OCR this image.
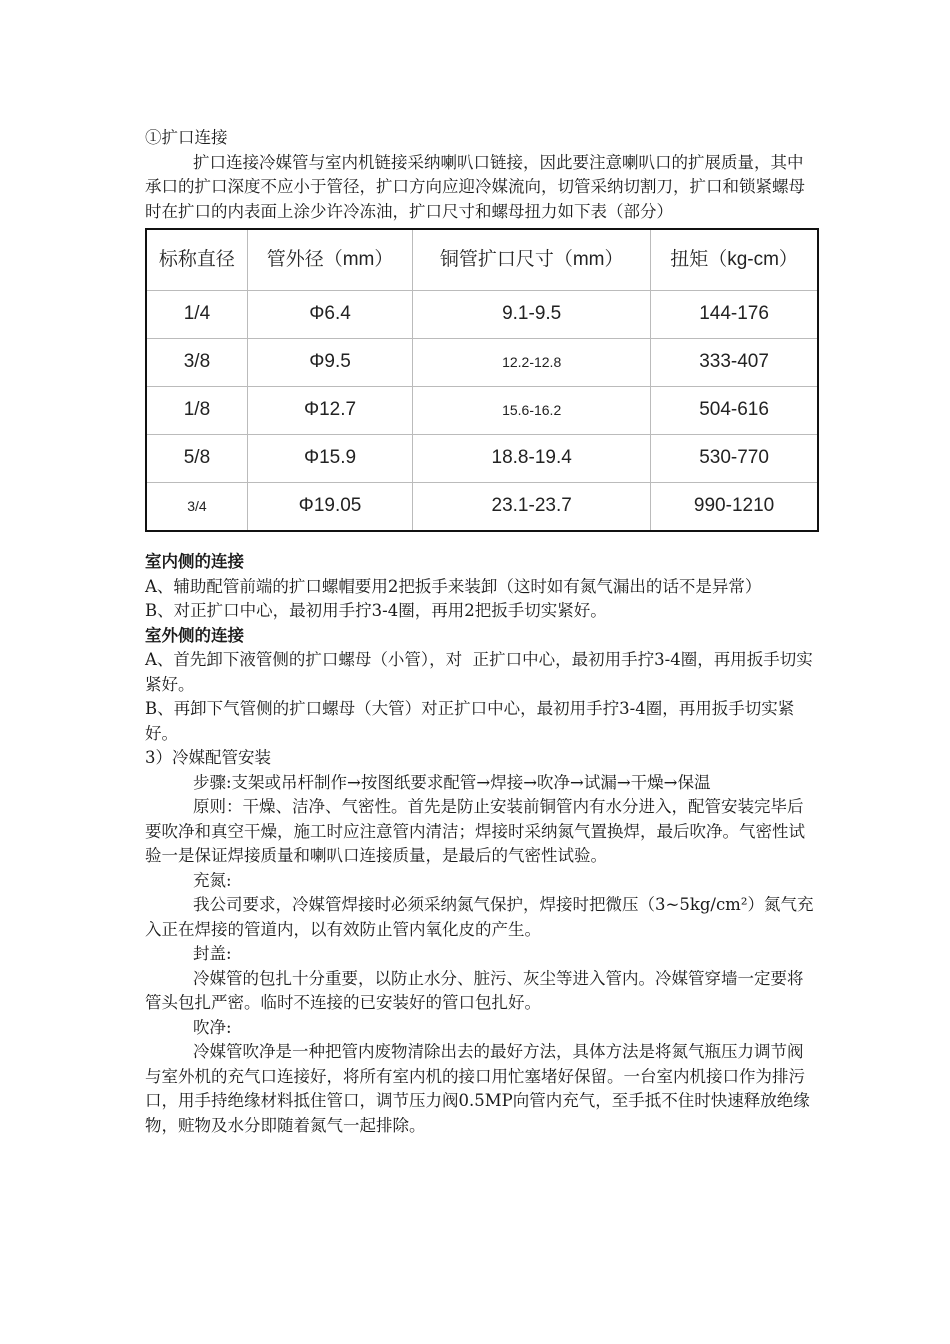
①扩口连接

扩口连接冷媒管与室内机链接采纳喇叭口链接，因此要注意喇叭口的扩展质量，其中承口的扩口深度不应小于管径，扩口方向应迎冷媒流向，切管采纳切割刀，扩口和锁紧螺母时在扩口的内表面上涂少许冷冻油，扩口尺寸和螺母扭力如下表（部分）

标称直径	管外径（mm）	铜管扩口尺寸（mm）	扭矩（kg-cm）
1/4	Φ6.4	9.1-9.5	144-176
3/8	Φ9.5	12.2-12.8	333-407
1/8	Φ12.7	15.6-16.2	504-616
5/8	Φ15.9	18.8-19.4	530-770
3/4	Φ19.05	23.1-23.7	990-1210

室内侧的连接

A、辅助配管前端的扩口螺帽要用2把扳手来装卸（这时如有氮气漏出的话不是异常）

B、对正扩口中心，最初用手拧3-4圈，再用2把扳手切实紧好。

室外侧的连接

A、首先卸下液管侧的扩口螺母（小管），对  正扩口中心，最初用手拧3-4圈，再用扳手切实紧好。

B、再卸下气管侧的扩口螺母（大管）对正扩口中心，最初用手拧3-4圈，再用扳手切实紧好。

3）冷媒配管安装

步骤:支架或吊杆制作→按图纸要求配管→焊接→吹净→试漏→干燥→保温

原则：干燥、洁净、气密性。首先是防止安装前铜管内有水分进入，配管安装完毕后要吹净和真空干燥，施工时应注意管内清洁；焊接时采纳氮气置换焊，最后吹净。气密性试验一是保证焊接质量和喇叭口连接质量，是最后的气密性试验。

充氮:

我公司要求，冷媒管焊接时必须采纳氮气保护，焊接时把微压（3~5kg/cm²）氮气充入正在焊接的管道内，以有效防止管内氧化皮的产生。

封盖:

冷媒管的包扎十分重要，以防止水分、脏污、灰尘等进入管内。冷媒管穿墙一定要将管头包扎严密。临时不连接的已安装好的管口包扎好。

吹净:

冷媒管吹净是一种把管内废物清除出去的最好方法，具体方法是将氮气瓶压力调节阀与室外机的充气口连接好，将所有室内机的接口用忙塞堵好保留。一台室内机接口作为排污口，用手持绝缘材料抵住管口，调节压力阀0.5MP向管内充气，至手抵不住时快速释放绝缘物，赃物及水分即随着氮气一起排除。
